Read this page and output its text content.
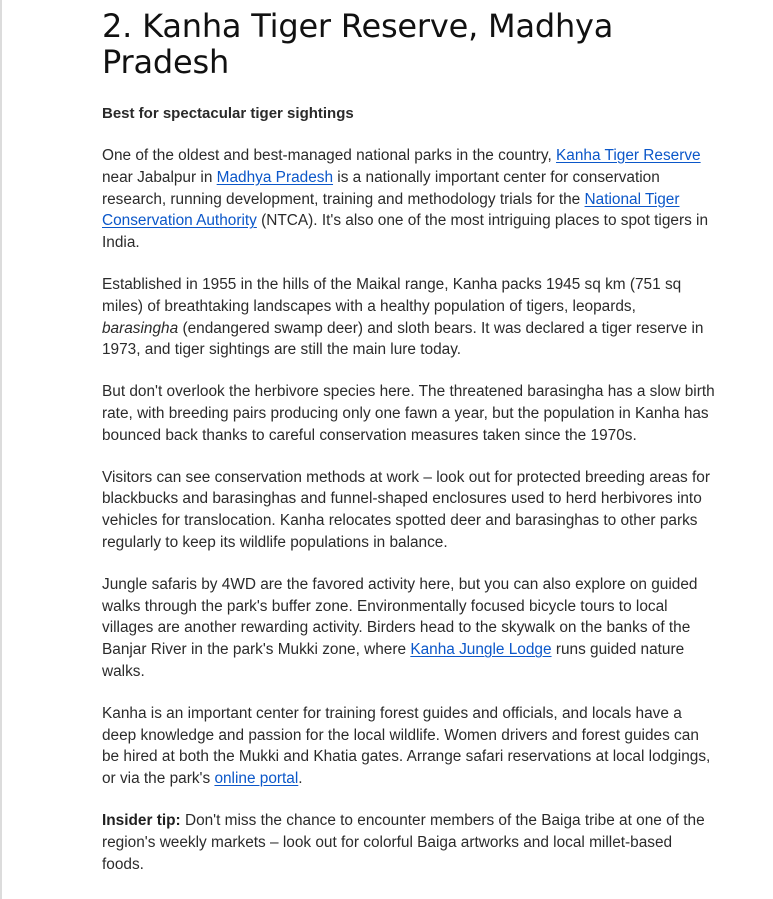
2. Kanha Tiger Reserve, Madhya Pradesh
Best for spectacular tiger sightings

One of the oldest and best-managed national parks in the country, Kanha Tiger Reserve near Jabalpur in Madhya Pradesh is a nationally important center for conservation research, running development, training and methodology trials for the National Tiger Conservation Authority (NTCA). It's also one of the most intriguing places to spot tigers in India.

Established in 1955 in the hills of the Maikal range, Kanha packs 1945 sq km (751 sq miles) of breathtaking landscapes with a healthy population of tigers, leopards, barasingha (endangered swamp deer) and sloth bears. It was declared a tiger reserve in 1973, and tiger sightings are still the main lure today.

But don't overlook the herbivore species here. The threatened barasingha has a slow birth rate, with breeding pairs producing only one fawn a year, but the population in Kanha has bounced back thanks to careful conservation measures taken since the 1970s.

Visitors can see conservation methods at work – look out for protected breeding areas for blackbucks and barasinghas and funnel-shaped enclosures used to herd herbivores into vehicles for translocation. Kanha relocates spotted deer and barasinghas to other parks regularly to keep its wildlife populations in balance.

Jungle safaris by 4WD are the favored activity here, but you can also explore on guided walks through the park's buffer zone. Environmentally focused bicycle tours to local villages are another rewarding activity. Birders head to the skywalk on the banks of the Banjar River in the park's Mukki zone, where Kanha Jungle Lodge runs guided nature walks.

Kanha is an important center for training forest guides and officials, and locals have a deep knowledge and passion for the local wildlife. Women drivers and forest guides can be hired at both the Mukki and Khatia gates. Arrange safari reservations at local lodgings, or via the park's online portal.

Insider tip: Don't miss the chance to encounter members of the Baiga tribe at one of the region's weekly markets – look out for colorful Baiga artworks and local millet-based foods.
